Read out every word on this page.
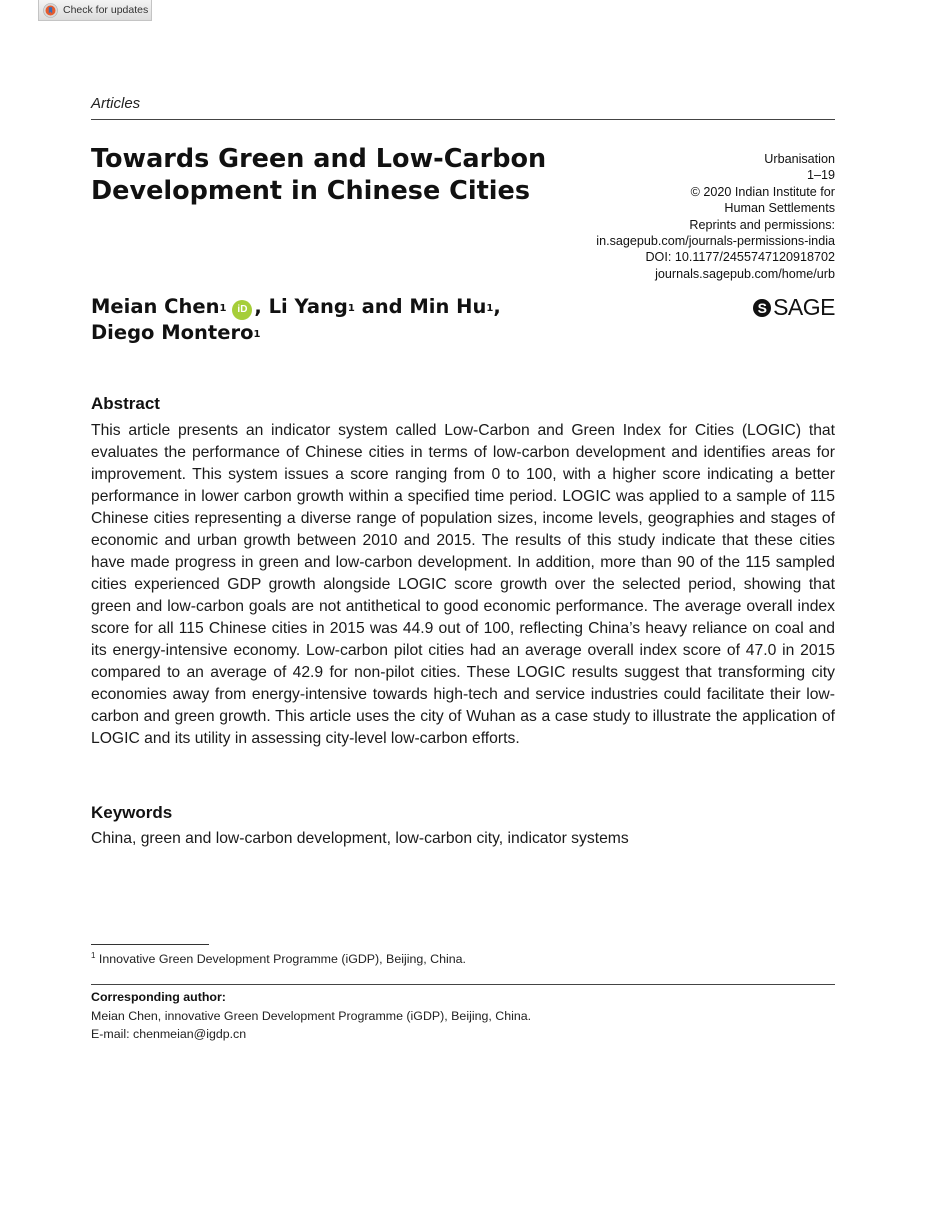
Check for updates
Articles
Towards Green and Low-Carbon Development in Chinese Cities
Urbanisation
1–19
© 2020 Indian Institute for
Human Settlements
Reprints and permissions:
in.sagepub.com/journals-permissions-india
DOI: 10.1177/2455747120918702
journals.sagepub.com/home/urb
Meian Chen$^1$ iD , Li Yang$^1$ and Min Hu$^1$,
Diego Montero$^1$
S SAGE
Abstract

This article presents an indicator system called Low-Carbon and Green Index for Cities (LOGIC) that evaluates the performance of Chinese cities in terms of low-carbon development and identifies areas for improvement. This system issues a score ranging from 0 to 100, with a higher score indicating a better performance in lower carbon growth within a specified time period. LOGIC was applied to a sample of 115 Chinese cities representing a diverse range of population sizes, income levels, geographies and stages of economic and urban growth between 2010 and 2015. The results of this study indicate that these cities have made progress in green and low-carbon development. In addition, more than 90 of the 115 sampled cities experienced GDP growth alongside LOGIC score growth over the selected period, showing that green and low-carbon goals are not antithetical to good economic performance. The average overall index score for all 115 Chinese cities in 2015 was 44.9 out of 100, reflecting China’s heavy reliance on coal and its energy-intensive economy. Low-carbon pilot cities had an average overall index score of 47.0 in 2015 compared to an average of 42.9 for non-pilot cities. These LOGIC results suggest that transforming city economies away from energy-intensive towards high-tech and service industries could facilitate their low-carbon and green growth. This article uses the city of Wuhan as a case study to illustrate the application of LOGIC and its utility in assessing city-level low-carbon efforts.

Keywords
China, green and low-carbon development, low-carbon city, indicator systems
$^1$ Innovative Green Development Programme (iGDP), Beijing, China.
Corresponding author:
Meian Chen, innovative Green Development Programme (iGDP), Beijing, China.
E-mail: chenmeian@igdp.cn
